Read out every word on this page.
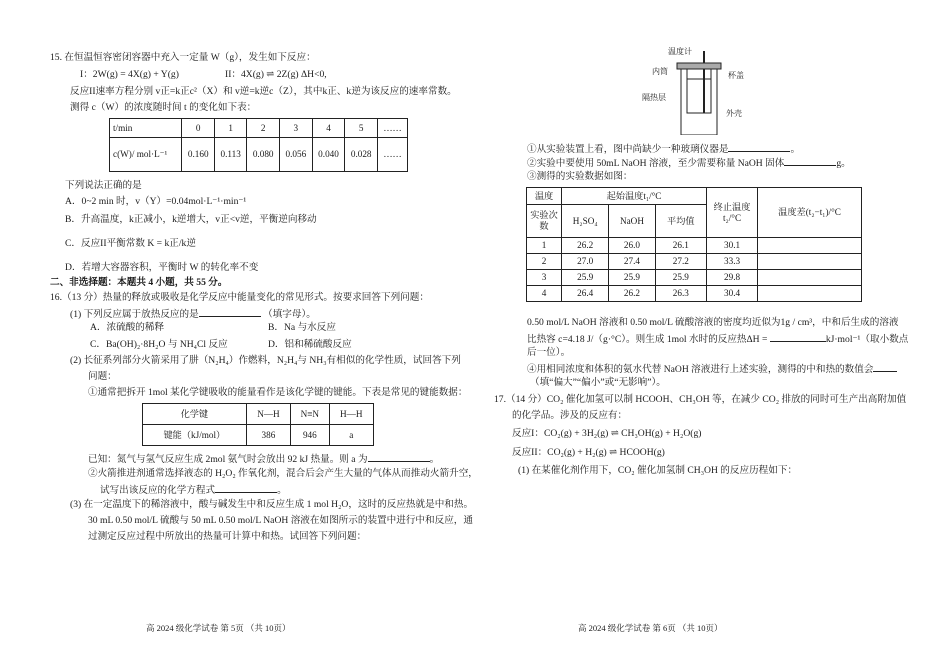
15. 在恒温恒容密闭容器中充入一定量 W（g），发生如下反应：
I：2W(g) = 4X(g) + Y(g)	II：4X(g) ⇌ 2Z(g) ΔH<0,
反应II速率方程分别 v正=k正c²（X）和 v逆=k逆c（Z），其中k正、k逆为该反应的速率常数。
测得 c（W）的浓度随时间 t 的变化如下表：
t/min	0	1	2	3	4	5	……
c(W)/ mol·L⁻¹	0.160	0.113	0.080	0.056	0.040	0.028	……
下列说法正确的是
A．0~2 min 时，v（Y）=0.04mol·L⁻¹·min⁻¹
B．升高温度，k正减小，k逆增大，v正<v逆，平衡逆向移动
C．反应II平衡常数 K = k正/k逆
D．若增大容器容积，平衡时 W 的转化率不变
二、非选择题：本题共 4 小题，共 55 分。
16.（13 分）热量的释放或吸收是化学反应中能量变化的常见形式。按要求回答下列问题：
(1) 下列反应属于放热反应的是	（填字母）。
A．浓硫酸的稀释	B．Na 与水反应
C．Ba(OH)₂·8H₂O 与 NH₄Cl 反应	D．铝和稀硫酸反应
(2) 长征系列部分火箭采用了肼（N₂H₄）作燃料，N₂H₄与 NH₃有相似的化学性质，试回答下列
问题：
①通常把拆开 1mol 某化学键吸收的能量看作是该化学键的键能。下表是常见的键能数据：
化学键	N—H	N≡N	H—H
键能（kJ/mol）	386	946	a
已知：氮气与氢气反应生成 2mol 氨气时会放出 92 kJ 热量。则 a 为	。
②火箭推进剂通常选择液态的 H₂O₂ 作氧化剂，混合后会产生大量的气体从而推动火箭升空，
试写出该反应的化学方程式	。
(3) 在一定温度下的稀溶液中，酸与碱发生中和反应生成 1 mol H₂O，这时的反应热就是中和热。
30 mL 0.50 mol/L 硫酸与 50 mL 0.50 mol/L NaOH 溶液在如图所示的装置中进行中和反应，通
过测定反应过程中所放出的热量可计算中和热。试回答下列问题：
高 2024 级化学试卷 第 5页 （共 10页）
温度计
内筒	杯盖
隔热层
外壳
①从实验装置上看，图中尚缺少一种玻璃仪器是	。
②实验中要使用 50mL NaOH 溶液，至少需要称量 NaOH 固体	g。
③测得的实验数据如图：
温度	起始温度t₁/°C			终止温度 t₂/°C	温度差(t₂−t₁)/°C
实验次数	H₂SO₄	NaOH	平均值		
1	26.2	26.0	26.1	30.1	
2	27.0	27.4	27.2	33.3	
3	25.9	25.9	25.9	29.8	
4	26.4	26.2	26.3	30.4	
0.50 mol/L NaOH 溶液和 0.50 mol/L 硫酸溶液的密度均近似为1g / cm³，中和后生成的溶液
比热容 c=4.18 J/（g·°C）。则生成 1mol 水时的反应热ΔH =	kJ·mol⁻¹（取小数点
后一位）。
④用相同浓度和体积的氨水代替 NaOH 溶液进行上述实验，测得的中和热的数值会
（填“偏大”“偏小”或“无影响”）。
17.（14 分）CO₂ 催化加氢可以制 HCOOH、CH₃OH 等，在减少 CO₂ 排放的同时可生产出高附加值
的化学品。涉及的反应有：
反应I：CO₂(g) + 3H₂(g) ⇌ CH₃OH(g) + H₂O(g)
反应II：CO₂(g) + H₂(g) ⇌ HCOOH(g)
(1) 在某催化剂作用下，CO₂ 催化加氢制 CH₃OH 的反应历程如下：
高 2024 级化学试卷 第 6页 （共 10页）
